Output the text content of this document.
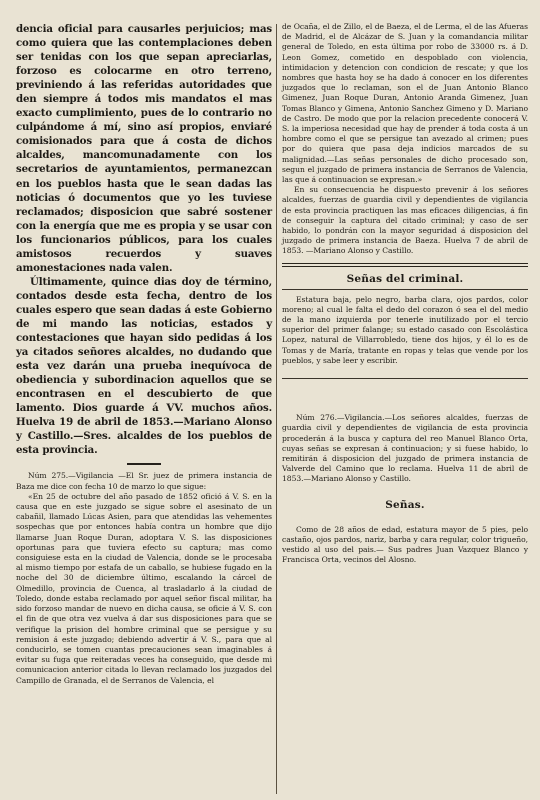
dencia oficial para causarles perjuicios; mas como quiera que las contemplaciones deben ser tenidas con los que sepan apreciarlas, forzoso es colocarme en otro terreno, previniendo á las referidas autoridades que den siempre á todos mis mandatos el mas exacto cumplimiento, pues de lo contrario no culpándome á mí, sino así propios, enviaré comisionados para que á costa de dichos alcaldes, mancomunadamente con los secretarios de ayuntamientos, permanezcan en los pueblos hasta que le sean dadas las noticias ó documentos que yo les tuviese reclamados; disposicion que sabré sostener con la energía que me es propia y se usar con los funcionarios públicos, para los cuales amistosos recuerdos y suaves amonestaciones nada valen.

Últimamente, quince dias doy de término, contados desde esta fecha, dentro de los cuales espero que sean dadas á este Gobierno de mi mando las noticias, estados y contestaciones que hayan sido pedidas á los ya citados señores alcaldes, no dudando que esta vez darán una prueba inequívoca de obediencia y subordinacion aquellos que se encontrasen en el descubierto de que lamento. Dios guarde á VV. muchos años. Huelva 19 de abril de 1853.—Mariano Alonso y Castillo.—Sres. alcaldes de los pueblos de esta provincia.

Núm 275.—Vigilancia —El Sr. juez de primera instancia de Baza me dice con fecha 10 de marzo lo que sigue:

«En 25 de octubre del año pasado de 1852 ofició á V. S. en la causa que en este juzgado se sigue sobre el asesinato de un cabañil, llamado Lúcas Asien, para que atendidas las vehementes sospechas que por entonces había contra un hombre que dijo llamarse Juan Roque Duran, adoptara V. S. las disposiciones oportunas para que tuviera efecto su captura; mas como consiguiese esta en la ciudad de Valencia, donde se le procesaba al mismo tiempo por estafa de un caballo, se hubiese fugado en la noche del 30 de diciembre último, escalando la cárcel de Olmedillo, provincia de Cuenca, al trasladarlo á la ciudad de Toledo, donde estaba reclamado por aquel señor fiscal militar, ha sido forzoso mandar de nuevo en dicha causa, se oficie á V. S. con el fin de que otra vez vuelva á dar sus disposiciones para que se verifique la prision del hombre criminal que se persigue y su remision á este juzgado; debiendo advertir á V. S., para que al conducirlo, se tomen cuantas precauciones sean imaginables á evitar su fuga que reiteradas veces ha conseguido, que desde mi comunicacion anterior citada lo llevan reclamado los juzgados del Campillo de Granada, el de Serranos de Valencia, el

de Ocaña, el de Zillo, el de Baeza, el de Lerma, el de las Afueras de Madrid, el de Alcázar de S. Juan y la comandancia militar general de Toledo, en esta última por robo de 33000 rs. á D. Leon Gomez, cometido en despoblado con violencia, intimidacion y detencion con condicion de rescate; y que los nombres que hasta hoy se ha dado á conocer en los diferentes juzgados que lo reclaman, son el de Juan Antonio Blanco Gimenez, Juan Roque Duran, Antonio Aranda Gimenez, Juan Tomas Blanco y Gimena, Antonio Sanchez Gimeno y D. Mariano de Castro. De modo que por la relacion precedente conocerá V. S. la imperiosa necesidad que hay de prender á toda costa á un hombre como el que se persigue tan avezado al crimen; pues por do quiera que pasa deja indicios marcados de su malignidad.—Las señas personales de dicho procesado son, segun el juzgado de primera instancia de Serranos de Valencia, las que á continuacion se expresan.»

En su consecuencia he dispuesto prevenir á los señores alcaldes, fuerzas de guardia civil y dependientes de vigilancia de esta provincia practiquen las mas eficaces diligencias, á fin de conseguir la captura del citado criminal; y caso de ser habido, lo pondrán con la mayor seguridad á disposicion del juzgado de primera instancia de Baeza. Huelva 7 de abril de 1853. —Mariano Alonso y Castillo.

Señas del criminal.

Estatura baja, pelo negro, barba clara, ojos pardos, color moreno; al cual le falta el dedo del corazon ó sea el del medio de la mano izquierda por tenerle inutilizado por el tercio superior del primer falange; su estado casado con Escolástica Lopez, natural de Villarrobledo, tiene dos hijos, y él lo es de Tomas y de María, tratante en ropas y telas que vende por los pueblos, y sabe leer y escribir.

Núm 276.—Vigilancia.—Los señores alcaldes, fuerzas de guardia civil y dependientes de vigilancia de esta provincia procederán á la busca y captura del reo Manuel Blanco Orta, cuyas señas se expresan á continuacion; y si fuese habido, lo remitirán á disposicion del juzgado de primera instancia de Valverde del Camino que lo reclama. Huelva 11 de abril de 1853.—Mariano Alonso y Castillo.

Señas.

Como de 28 años de edad, estatura mayor de 5 pies, pelo castaño, ojos pardos, nariz, barba y cara regular, color trigueño, vestido al uso del pais.— Sus padres Juan Vazquez Blanco y Francisca Orta, vecinos del Alosno.
